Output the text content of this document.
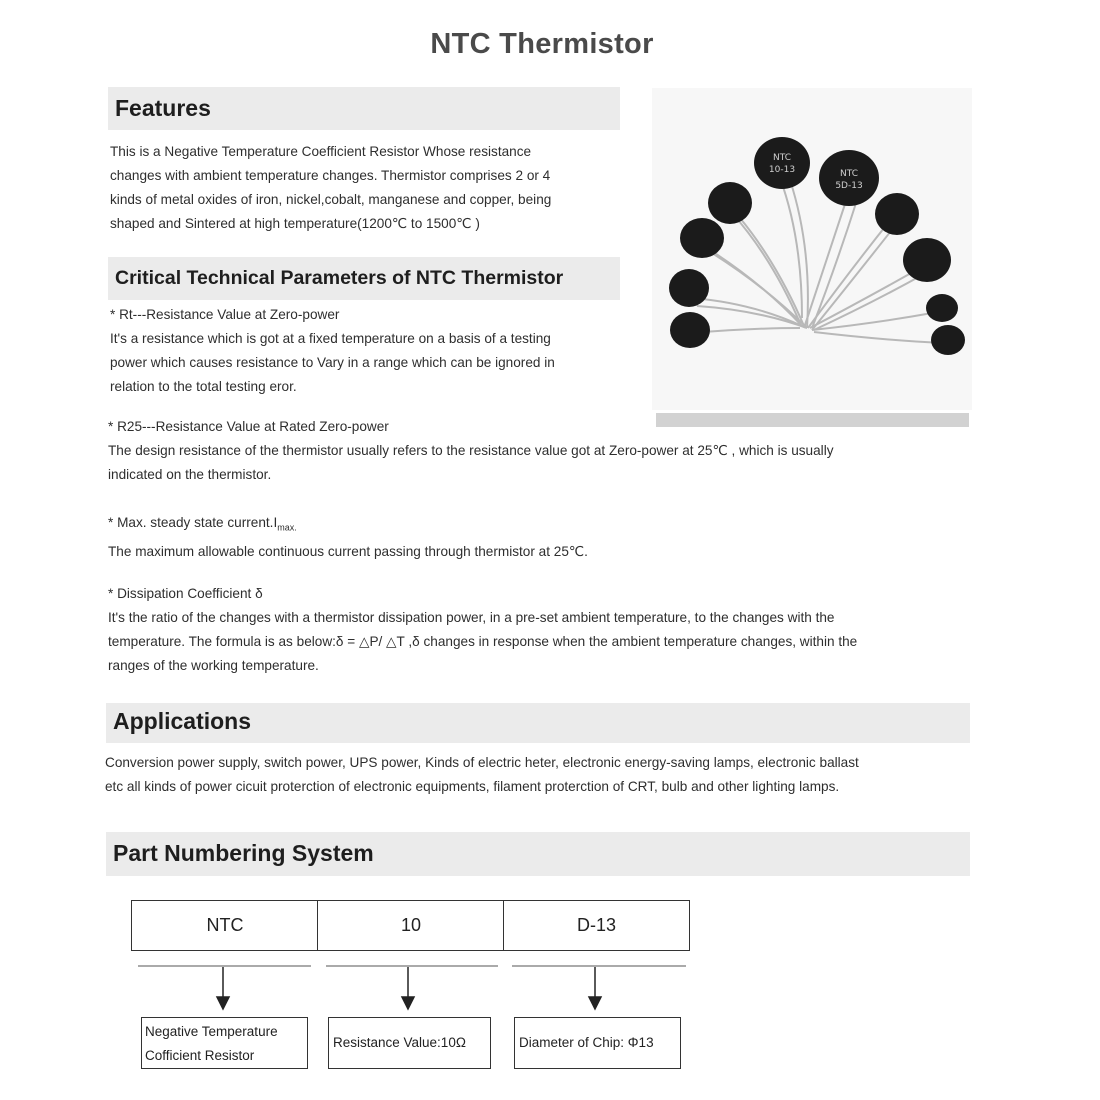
NTC Thermistor
Features
This is a Negative Temperature Coefficient Resistor Whose resistance
changes with ambient temperature changes. Thermistor comprises 2 or 4
kinds of metal oxides of iron, nickel,cobalt, manganese and copper, being
shaped and Sintered at high temperature(1200℃ to 1500℃ )
Critical Technical Parameters of NTC Thermistor
* Rt---Resistance Value at Zero-power
It's a resistance which is got at a fixed temperature on a basis of a testing
power which causes resistance to Vary in a range which can be ignored in
relation to the total testing eror.
NTC
10-13	NTC
5D-13
* R25---Resistance Value at Rated Zero-power
The design resistance of the thermistor usually refers to the resistance value got at Zero-power at 25℃ , which is usually
indicated on the thermistor.
* Max. steady state $current.I_{max.}$
The maximum allowable continuous current passing through thermistor at 25℃.
* Dissipation Coefficient δ
It's the ratio of the changes with a thermistor dissipation power, in a pre-set ambient temperature, to the changes with the
temperature. The formula is as below:δ = △P/ △T ,δ changes in response when the ambient temperature changes, within the
ranges of the working temperature.
Applications
Conversion power supply, switch power, UPS power, Kinds of electric heter, electronic energy-saving lamps, electronic ballast
etc all kinds of power cicuit proterction of electronic equipments, filament proterction of CRT, bulb and other lighting lamps.
Part Numbering System
NTC	10	D-13
Negative Temperature
Cofficient Resistor
Resistance Value:10Ω	Diameter of Chip: Φ13
